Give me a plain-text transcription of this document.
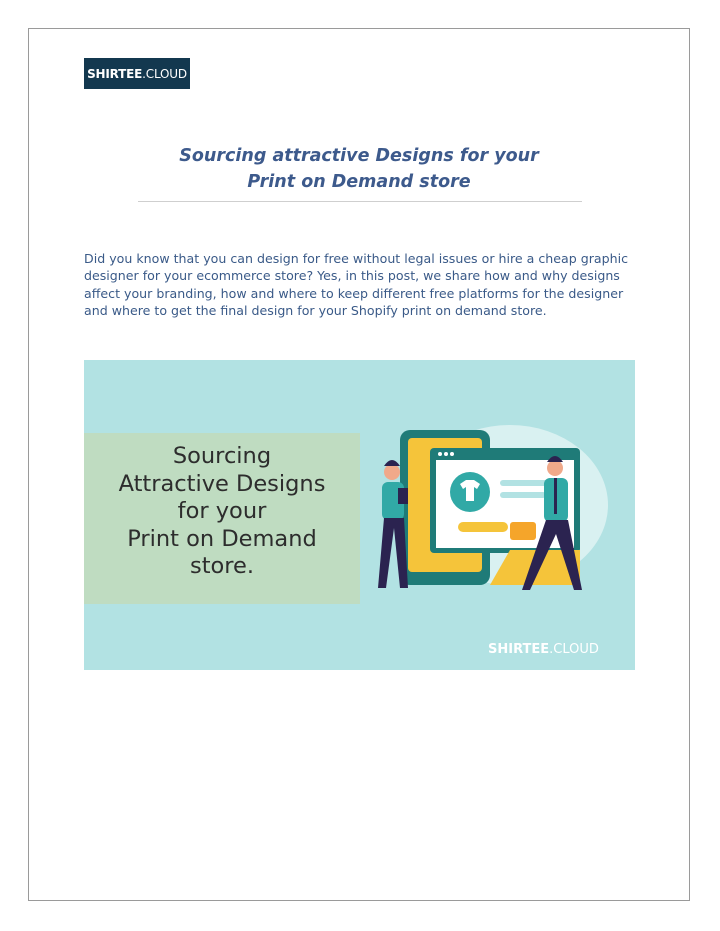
SHIRTEE .CLOUD
Sourcing attractive Designs for your
Print on Demand store
Did you know that you can design for free without legal issues or hire a cheap graphic designer for your ecommerce store? Yes, in this post, we share how and why designs affect your branding, how and where to keep different free platforms for the designer and where to get the final design for your Shopify print on demand store.
Sourcing
Attractive Designs
for your
Print on Demand
store.
SHIRTEE.CLOUD
